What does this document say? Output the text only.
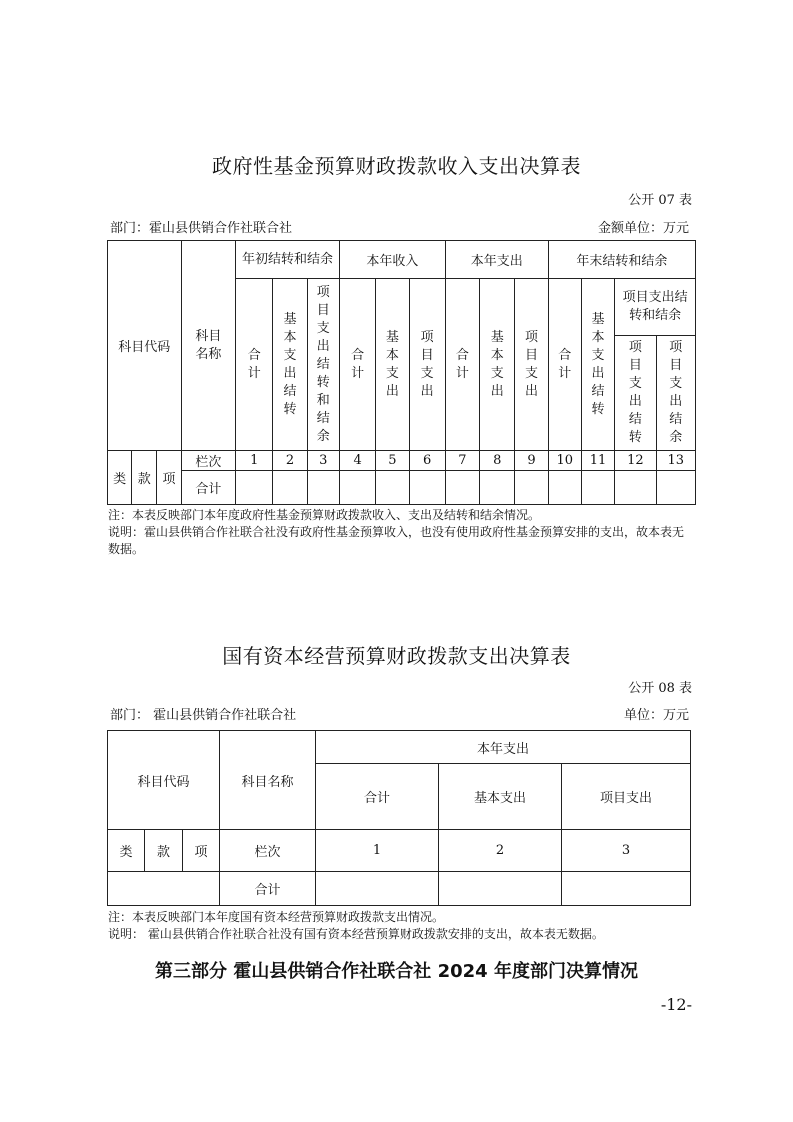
政府性基金预算财政拨款收入支出决算表
公开 07 表
部门：霍山县供销合作社联合社	金额单位：万元
科目代码			科目名称	年初结转和结余			本年收入			本年支出			年末结转和结余			
				合计	基本支出结转	项目支出结转和结余	合计	基本支出	项目支出	合计	基本支出	项目支出	合计	基本支出结转	项目支出结转和结余	
															项目支出结转	项目支出结余
类	款	项	栏次	1	2	3	4	5	6	7	8	9	10	11	12	13
			合计													
注：本表反映部门本年度政府性基金预算财政拨款收入、支出及结转和结余情况。
说明：霍山县供销合作社联合社没有政府性基金预算收入，也没有使用政府性基金预算安排的支出，故本表无数据。
国有资本经营预算财政拨款支出决算表
公开 08 表
部门： 霍山县供销合作社联合社	单位：万元
科目代码			科目名称	本年支出		
				合计	基本支出	项目支出
类	款	项	栏次	1	2	3
			合计			
注：本表反映部门本年度国有资本经营预算财政拨款支出情况。
说明： 霍山县供销合作社联合社没有国有资本经营预算财政拨款安排的支出，故本表无数据。
第三部分 霍山县供销合作社联合社 2024 年度部门决算情况
-12-
